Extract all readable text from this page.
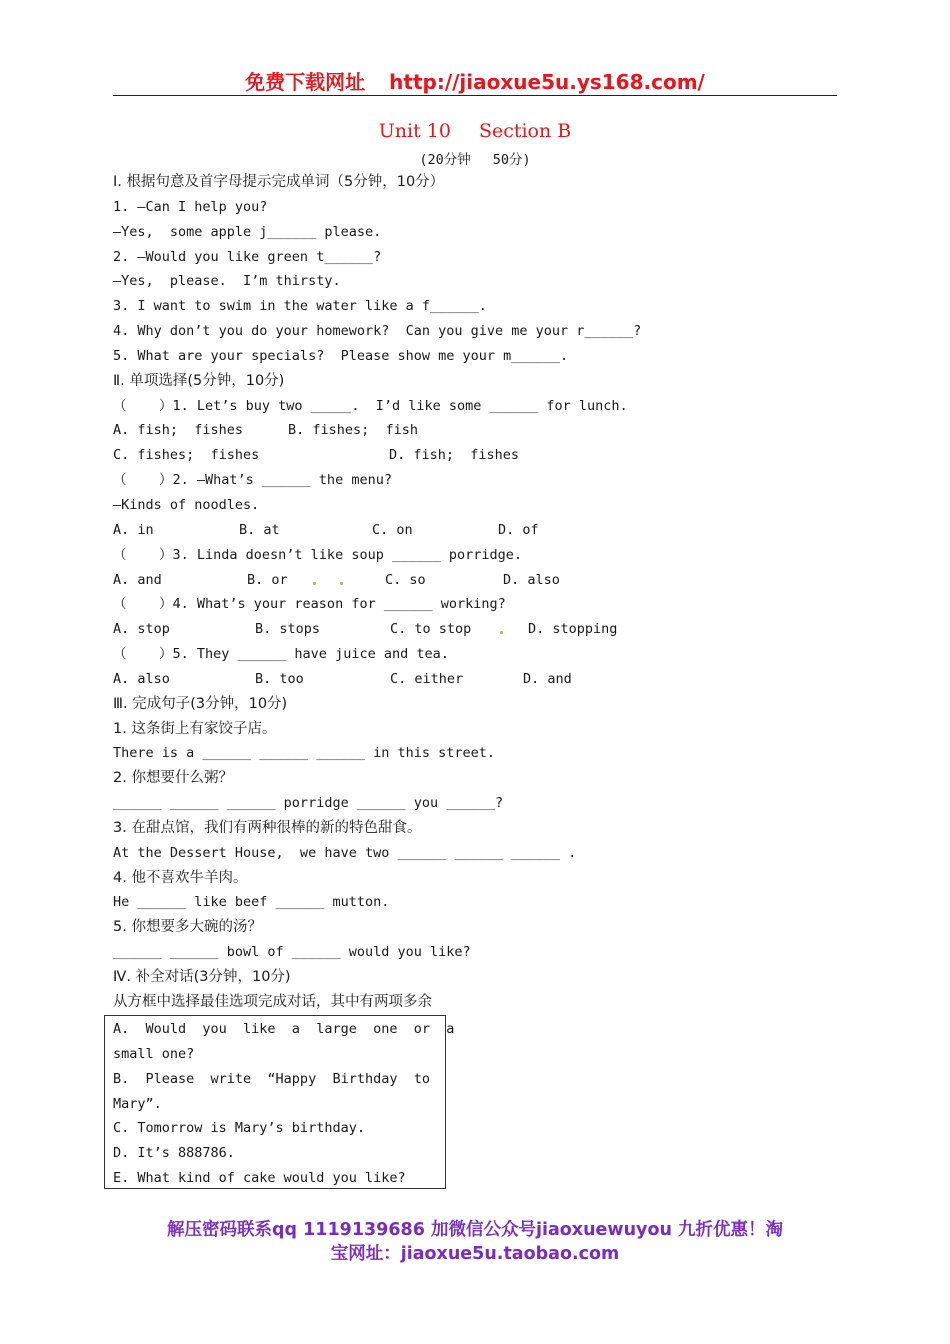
免费下载网址 http://jiaoxue5u.ys168.com/
Unit 10 Section B
(20分钟 50分)
Ⅰ. 根据句意及首字母提示完成单词（5分钟，10分）
1. —Can I help you?
—Yes,  some apple j______ please.
2. —Would you like green t______?
—Yes,  please.  I’m thirsty.
3. I want to swim in the water like a f______.
4. Why don’t you do your homework?  Can you give me your r______?
5. What are your specials?  Please show me your m______.
Ⅱ. 单项选择(5分钟，10分)
（    ）1. Let’s buy two _____.  I’d like some ______ for lunch.

A. fish;  fishes

	B. fishes;  fish

C. fishes;  fishes

	D. fish;  fishes

（    ）2. —What’s ______ the menu?
—Kinds of noodles.

A. in

	B. at

	C. on

	D. of

（    ）3. Linda doesn’t like soup ______ porridge.

A. and

	B. or

	C. so

	D. also

（    ）4. What’s your reason for ______ working?

A. stop

	B. stops

	C. to stop

	D. stopping

（    ）5. They ______ have juice and tea.

A. also

	B. too

	C. either

	D. and

Ⅲ. 完成句子(3分钟，10分)
1. 这条街上有家饺子店。
There is a ______ ______ ______ in this street.
2. 你想要什么粥？
______ ______ ______ porridge ______ you ______?
3. 在甜点馆，我们有两种很棒的新的特色甜食。
At the Dessert House,  we have two ______ ______ ______ .
4. 他不喜欢牛羊肉。
He ______ like beef ______ mutton.
5. 你想要多大碗的汤？
______ ______ bowl of ______ would you like?
Ⅳ. 补全对话(3分钟，10分)
从方框中选择最佳选项完成对话，其中有两项多余
A.  Would  you  like  a  large  one  or  a
small one?
B.  Please  write  “Happy  Birthday  to
Mary”.
C. Tomorrow is Mary’s birthday.
D. It’s 888786.
E. What kind of cake would you like?
解压密码联系qq 1119139686 加微信公众号jiaoxuewuyou 九折优惠！淘
宝网址：jiaoxue5u.taobao.com
